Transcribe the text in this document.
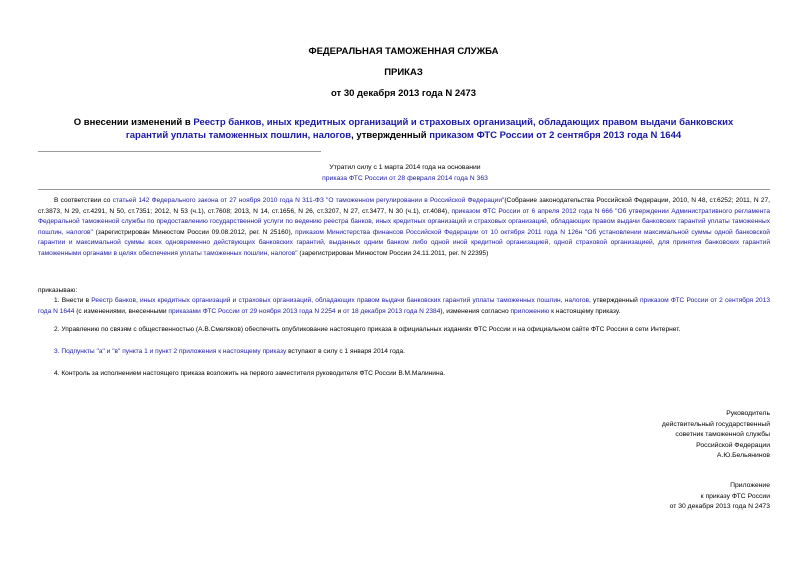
ФЕДЕРАЛЬНАЯ ТАМОЖЕННАЯ СЛУЖБА
ПРИКАЗ
от 30 декабря 2013 года N 2473
О внесении изменений в Реестр банков, иных кредитных организаций и страховых организаций, обладающих правом выдачи банковских гарантий уплаты таможенных пошлин, налогов, утвержденный приказом ФТС России от 2 сентября 2013 года N 1644
Утратил силу с 1 марта 2014 года на основании
приказа ФТС России от 28 февраля 2014 года N 363
В соответствии со статьей 142 Федерального закона от 27 ноября 2010 года N 311-ФЗ "О таможенном регулировании в Российской Федерации"(Собрание законодательства Российской Федерации, 2010, N 48, ст.6252; 2011, N 27, ст.3873, N 29, ст.4291, N 50, ст.7351; 2012, N 53 (ч.1), ст.7608; 2013, N 14, ст.1656, N 26, ст.3207, N 27, ст.3477, N 30 (ч.1), ст.4084), приказом ФТС России от 6 апреля 2012 года N 666 "Об утверждении Административного регламента Федеральной таможенной службы по предоставлению государственной услуги по ведению реестра банков, иных кредитных организаций и страховых организаций, обладающих правом выдачи банковских гарантий уплаты таможенных пошлин, налогов" (зарегистрирован Минюстом России 09.08.2012, рег. N 25160), приказом Министерства финансов Российской Федерации от 10 октября 2011 года N 126н "Об установлении максимальной суммы одной банковской гарантии и максимальной суммы всех одновременно действующих банковских гарантий, выданных одним банком либо одной иной кредитной организацией, одной страховой организацией, для принятия банковских гарантий таможенными органами в целях обеспечения уплаты таможенных пошлин, налогов" (зарегистрирован Минюстом России 24.11.2011, рег. N 22395)
приказываю:
1. Внести в Реестр банков, иных кредитных организаций и страховых организаций, обладающих правом выдачи банковских гарантий уплаты таможенных пошлин, налогов, утвержденный приказом ФТС России от 2 сентября 2013 года N 1644 (с изменениями, внесенными приказами ФТС России от 29 ноября 2013 года N 2254 и от 18 декабря 2013 года N 2384), изменения согласно приложению к настоящему приказу.
2. Управлению по связям с общественностью (А.В.Смеляков) обеспечить опубликование настоящего приказа в официальных изданиях ФТС России и на официальном сайте ФТС России в сети Интернет.
3. Подпункты "а" и "в" пункта 1 и пункт 2 приложения к настоящему приказу вступают в силу с 1 января 2014 года.
4. Контроль за исполнением настоящего приказа возложить на первого заместителя руководителя ФТС России В.М.Малинина.
Руководитель
действительный государственный
советник таможенной службы
Российской Федерации
А.Ю.Бельянинов
Приложение
к приказу ФТС России
от 30 декабря 2013 года N 2473
